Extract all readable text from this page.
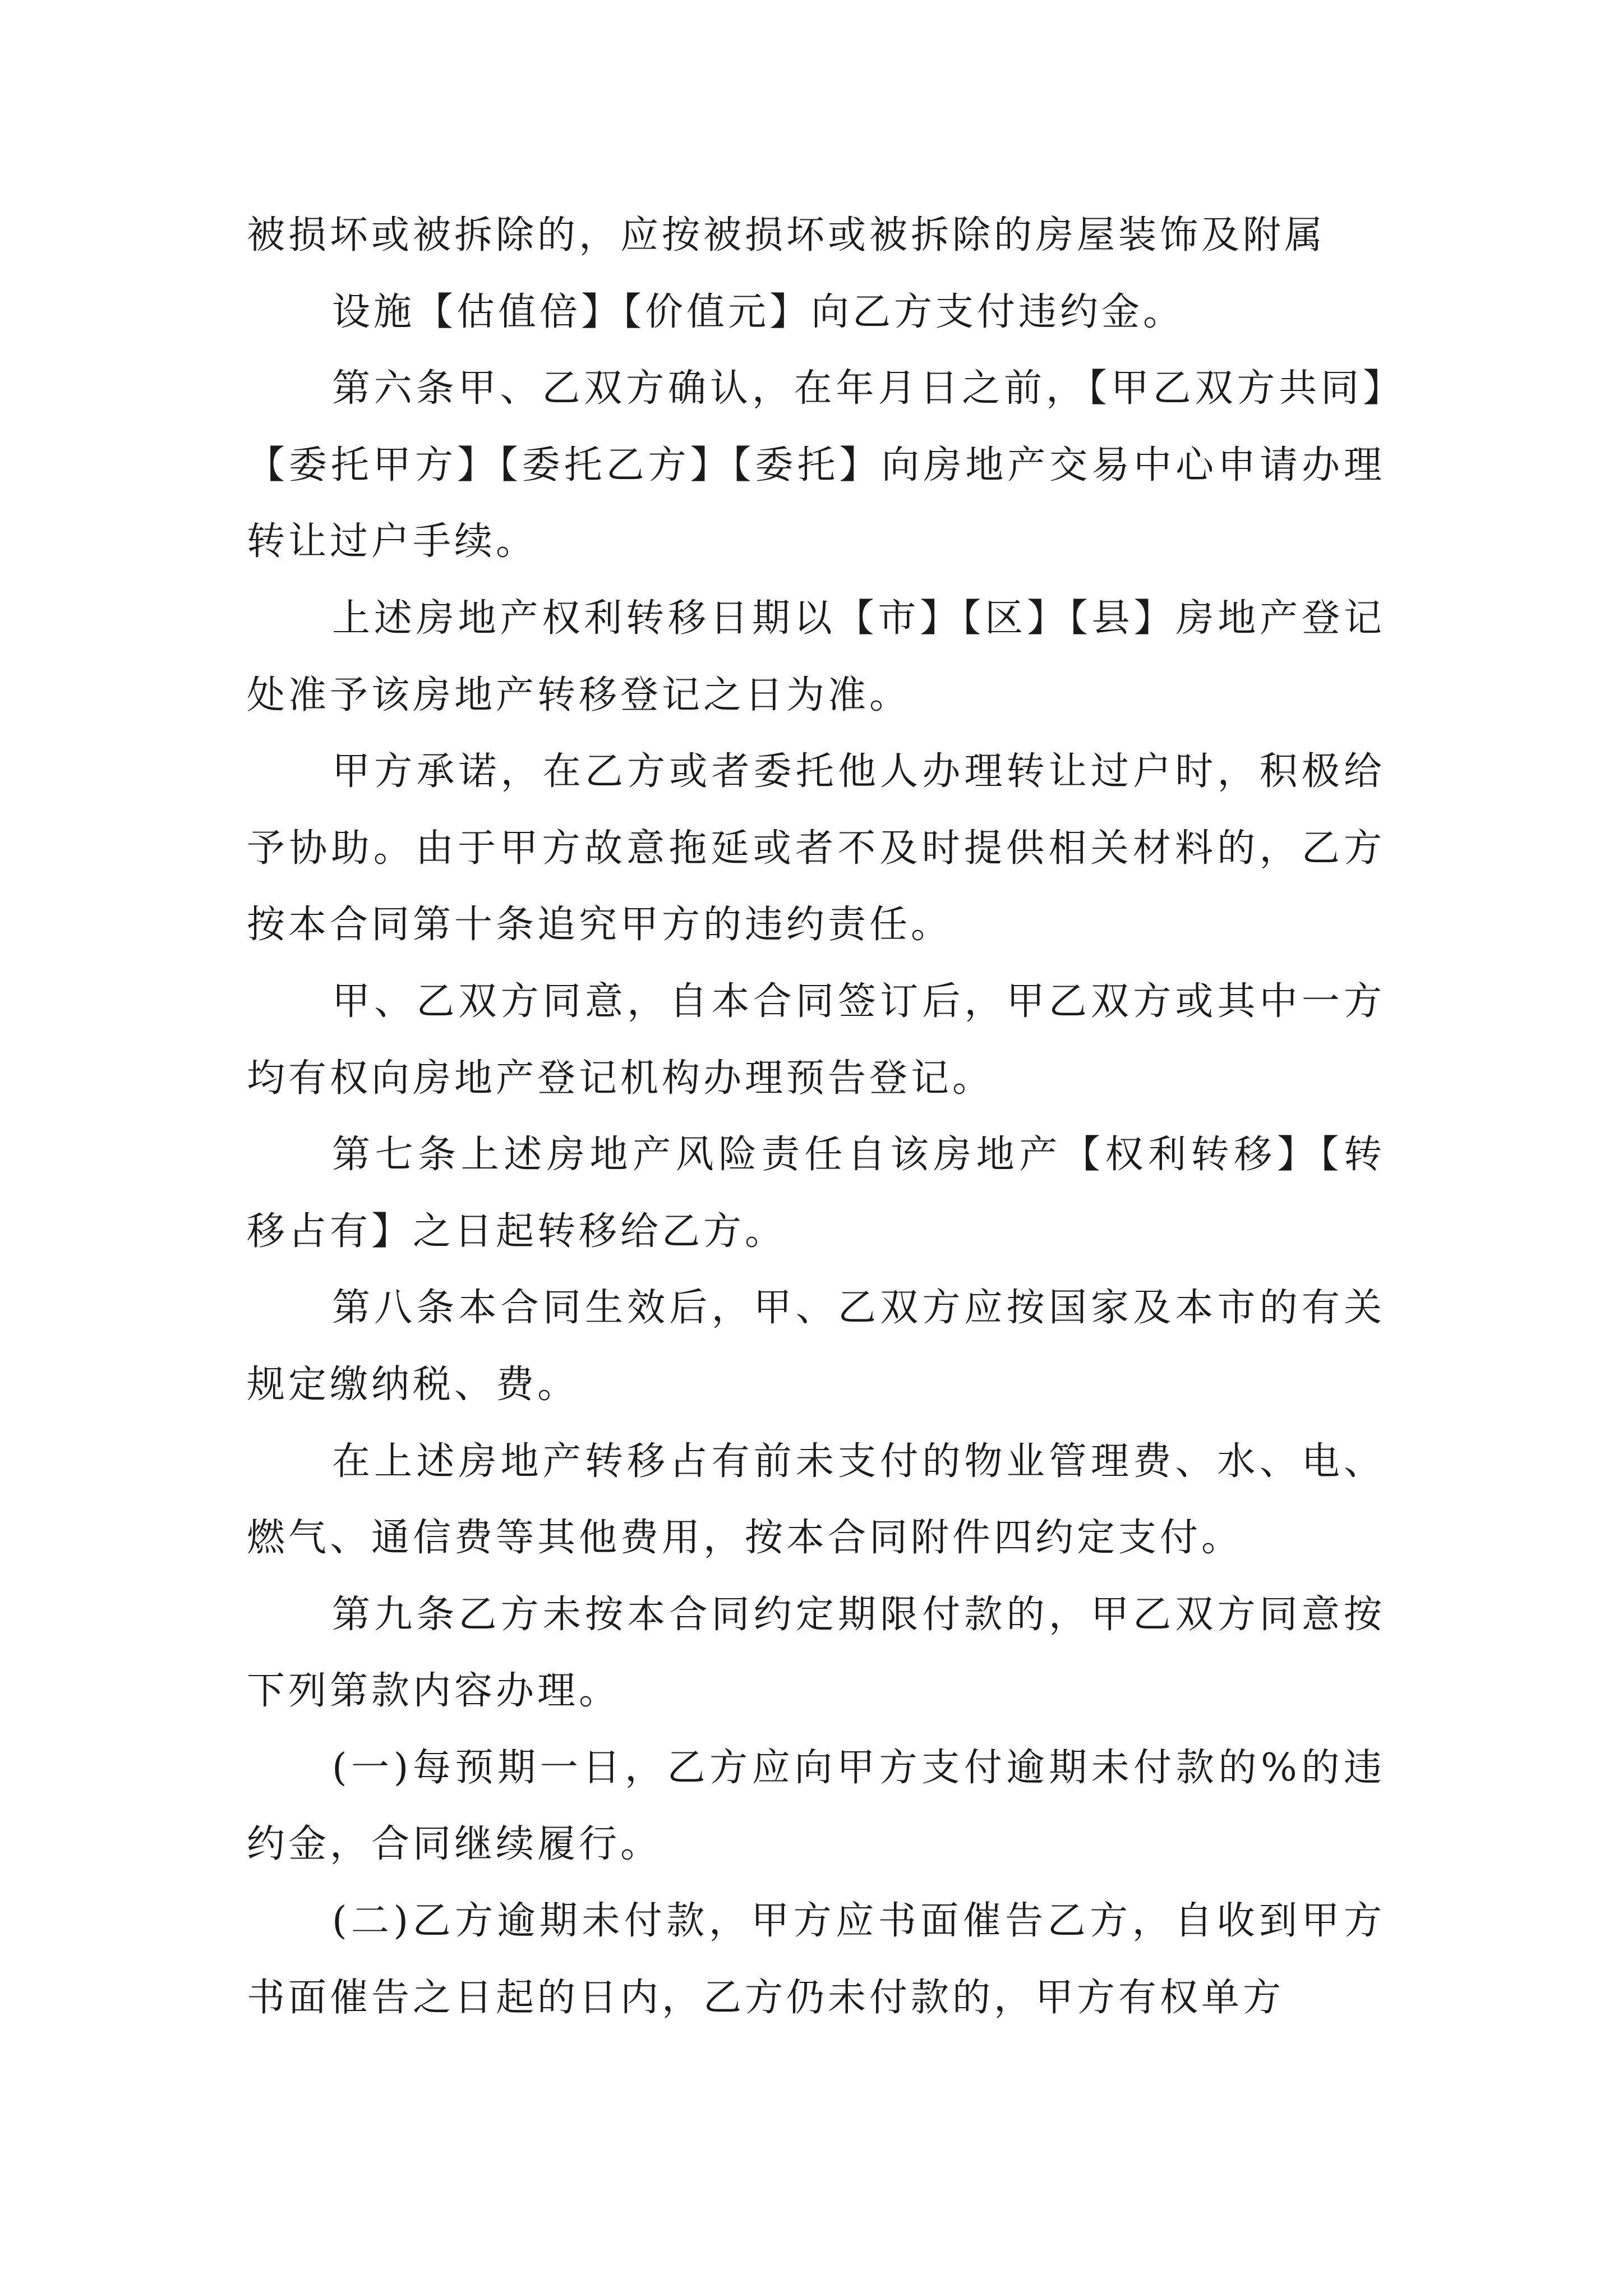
被损坏或被拆除的，应按被损坏或被拆除的房屋装饰及附属

设施【估值倍】【价值元】向乙方支付违约金。

第六条甲、乙双方确认，在年月日之前，【甲乙双方共同】【委托甲方】【委托乙方】【委托】向房地产交易中心申请办理转让过户手续。

上述房地产权利转移日期以【市】【区】【县】房地产登记处准予该房地产转移登记之日为准。

甲方承诺，在乙方或者委托他人办理转让过户时，积极给予协助。由于甲方故意拖延或者不及时提供相关材料的，乙方按本合同第十条追究甲方的违约责任。

甲、乙双方同意，自本合同签订后，甲乙双方或其中一方均有权向房地产登记机构办理预告登记。

第七条上述房地产风险责任自该房地产【权利转移】【转移占有】之日起转移给乙方。

第八条本合同生效后，甲、乙双方应按国家及本市的有关规定缴纳税、费。

在上述房地产转移占有前未支付的物业管理费、水、电、燃气、通信费等其他费用，按本合同附件四约定支付。

第九条乙方未按本合同约定期限付款的，甲乙双方同意按下列第款内容办理。

(一)每预期一日，乙方应向甲方支付逾期未付款的%的违约金，合同继续履行。

(二)乙方逾期未付款，甲方应书面催告乙方，自收到甲方书面催告之日起的日内，乙方仍未付款的，甲方有权单方
